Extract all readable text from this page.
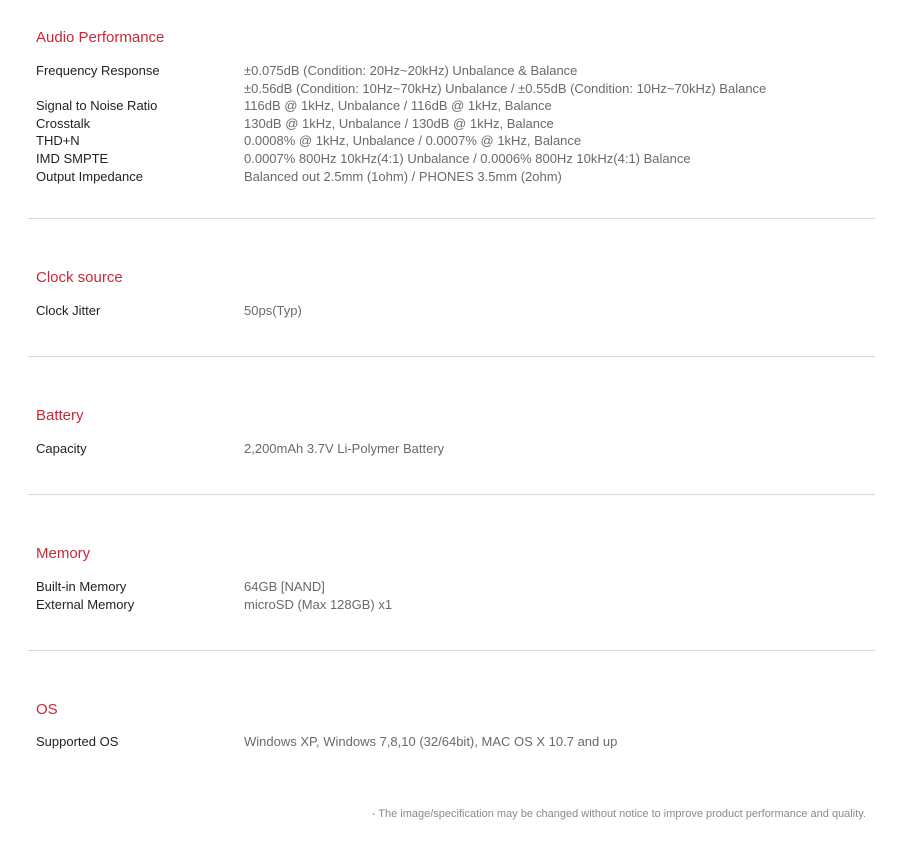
Audio Performance
Frequency Response	±0.075dB (Condition: 20Hz~20kHz) Unbalance & Balance
±0.56dB (Condition: 10Hz~70kHz) Unbalance / ±0.55dB (Condition: 10Hz~70kHz) Balance
Signal to Noise Ratio	116dB @ 1kHz, Unbalance / 116dB @ 1kHz, Balance
Crosstalk	130dB @ 1kHz, Unbalance / 130dB @ 1kHz, Balance
THD+N	0.0008% @ 1kHz, Unbalance / 0.0007% @ 1kHz, Balance
IMD SMPTE	0.0007% 800Hz 10kHz(4:1) Unbalance / 0.0006% 800Hz 10kHz(4:1) Balance
Output Impedance	Balanced out 2.5mm (1ohm) / PHONES 3.5mm (2ohm)
Clock source
Clock Jitter	50ps(Typ)
Battery
Capacity	2,200mAh 3.7V Li-Polymer Battery
Memory
Built-in Memory	64GB [NAND]
External Memory	microSD (Max 128GB) x1
OS
Supported OS	Windows XP, Windows 7,8,10 (32/64bit), MAC OS X 10.7 and up
- The image/specification may be changed without notice to improve product performance and quality.
